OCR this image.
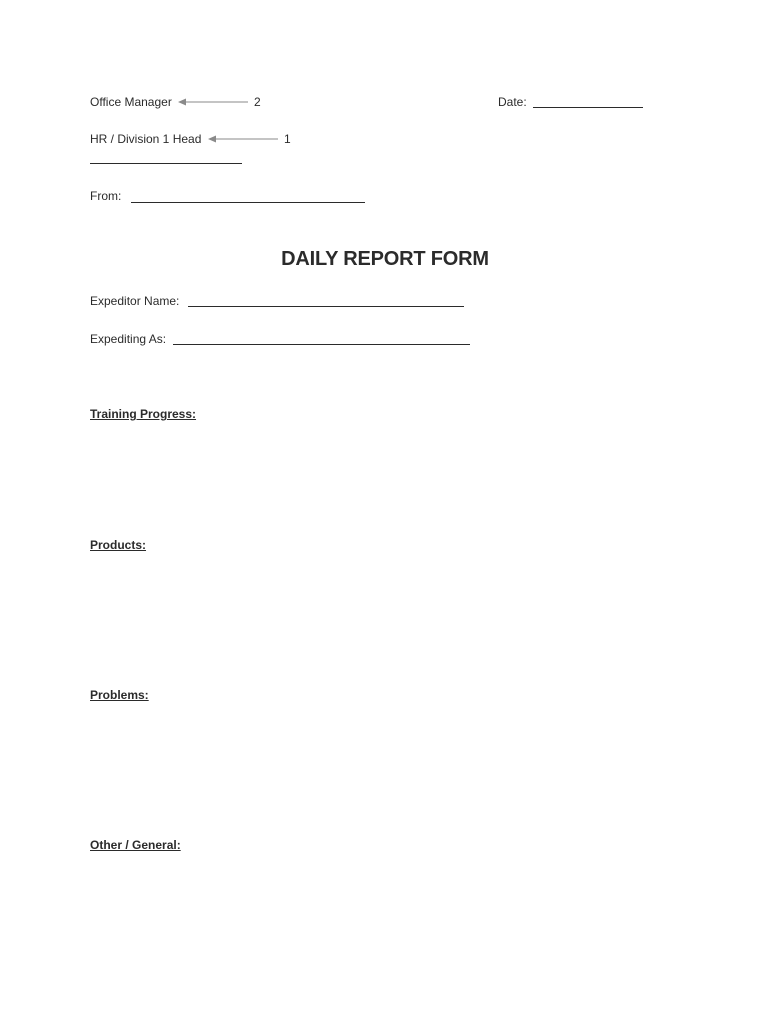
Office Manager	2	Date:
HR / Division 1 Head	1
From:
DAILY REPORT FORM
Expeditor Name:
Expediting As:
Training Progress:
Products:
Problems:
Other / General:
